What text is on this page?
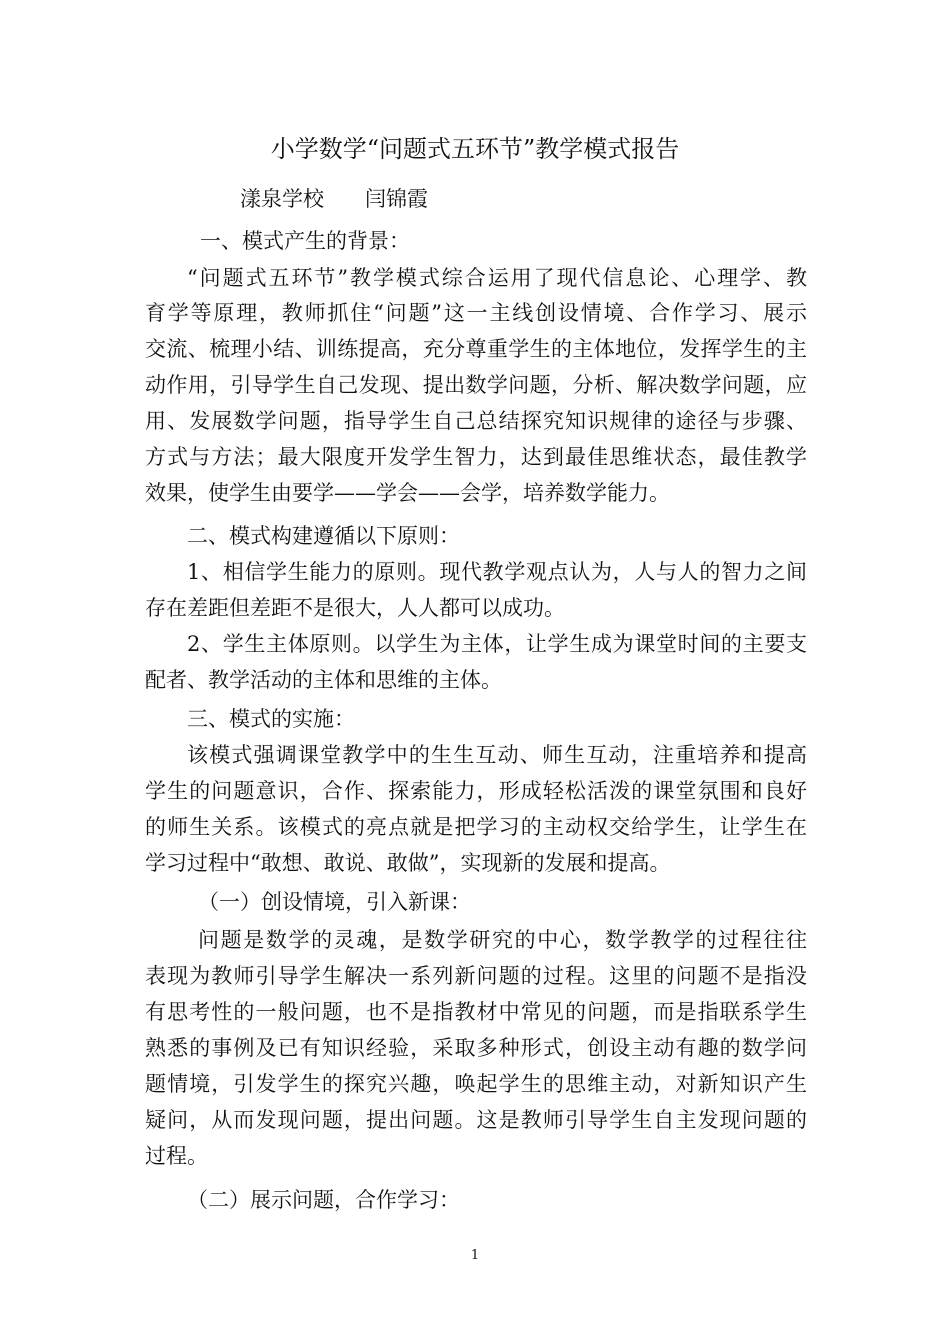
小学数学“问题式五环节”教学模式报告
漾泉学校 闫锦霞
一、模式产生的背景：
“问题式五环节”教学模式综合运用了现代信息论、心理学、教
育学等原理，教师抓住“问题”这一主线创设情境、合作学习、展示
交流、梳理小结、训练提高，充分尊重学生的主体地位，发挥学生的主
动作用，引导学生自己发现、提出数学问题，分析、解决数学问题，应
用、发展数学问题，指导学生自己总结探究知识规律的途径与步骤、
方式与方法；最大限度开发学生智力，达到最佳思维状态，最佳教学
效果，使学生由要学——学会——会学，培养数学能力。
二、模式构建遵循以下原则：
1、相信学生能力的原则。现代教学观点认为，人与人的智力之间
存在差距但差距不是很大，人人都可以成功。
2、学生主体原则。以学生为主体，让学生成为课堂时间的主要支
配者、教学活动的主体和思维的主体。
三、模式的实施：
该模式强调课堂教学中的生生互动、师生互动，注重培养和提高
学生的问题意识，合作、探索能力，形成轻松活泼的课堂氛围和良好
的师生关系。该模式的亮点就是把学习的主动权交给学生，让学生在
学习过程中“敢想、敢说、敢做”，实现新的发展和提高。
（一）创设情境，引入新课：
问题是数学的灵魂，是数学研究的中心，数学教学的过程往往
表现为教师引导学生解决一系列新问题的过程。这里的问题不是指没
有思考性的一般问题，也不是指教材中常见的问题，而是指联系学生
熟悉的事例及已有知识经验，采取多种形式，创设主动有趣的数学问
题情境，引发学生的探究兴趣，唤起学生的思维主动，对新知识产生
疑问，从而发现问题，提出问题。这是教师引导学生自主发现问题的
过程。
（二）展示问题，合作学习：
1
